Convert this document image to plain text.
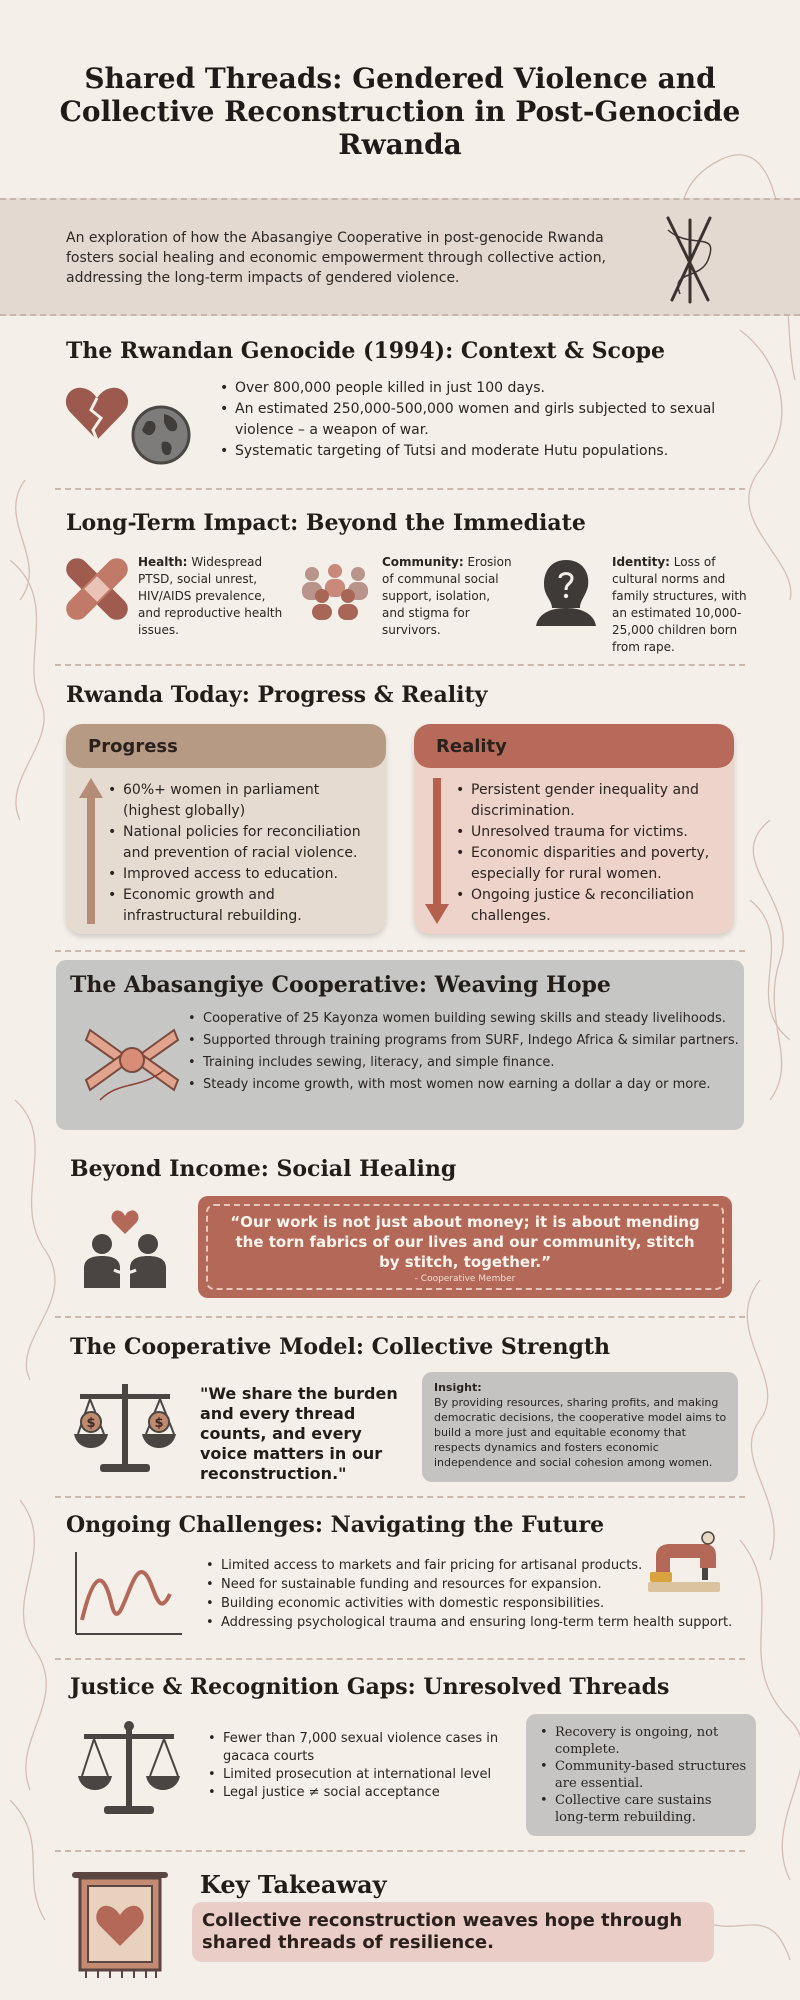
Shared Threads: Gendered Violence and Collective Reconstruction in Post-Genocide Rwanda

An exploration of how the Abasangiye Cooperative in post-genocide Rwanda fosters social healing and economic empowerment through collective action, addressing the long-term impacts of gendered violence.

The Rwandan Genocide (1994): Context & Scope
• Over 800,000 people killed in just 100 days.
• An estimated 250,000-500,000 women and girls subjected to sexual violence – a weapon of war.
• Systematic targeting of Tutsi and moderate Hutu populations.
Long-Term Impact: Beyond the Immediate

Health: Widespread PTSD, social unrest, HIV/AIDS prevalence, and reproductive health issues.

Community: Erosion of communal social support, isolation, and stigma for survivors.

Identity: Loss of cultural norms and family structures, with an estimated 10,000-25,000 children born from rape.

Rwanda Today: Progress & Reality
Progress
• 60%+ women in parliament (highest globally)
• National policies for reconciliation and prevention of racial violence.
• Improved access to education.
• Economic growth and infrastructural rebuilding.
Reality
• Persistent gender inequality and discrimination.
• Unresolved trauma for victims.
• Economic disparities and poverty, especially for rural women.
• Ongoing justice & reconciliation challenges.
The Abasangiye Cooperative: Weaving Hope
• Cooperative of 25 Kayonza women building sewing skills and steady livelihoods.
• Supported through training programs from SURF, Indego Africa & similar partners.
• Training includes sewing, literacy, and simple finance.
• Steady income growth, with most women now earning a dollar a day or more.
Beyond Income: Social Healing

“Our work is not just about money; it is about mending the torn fabrics of our lives and our community, stitch by stitch, together.”

- Cooperative Member

The Cooperative Model: Collective Strength
$	$

"We share the burden and every thread counts, and every voice matters in our reconstruction."

Insight:
By providing resources, sharing profits, and making democratic decisions, the cooperative model aims to build a more just and equitable economy that respects dynamics and fosters economic independence and social cohesion among women.

Ongoing Challenges: Navigating the Future
• Limited access to markets and fair pricing for artisanal products.
• Need for sustainable funding and resources for expansion.
• Building economic activities with domestic responsibilities.
• Addressing psychological trauma and ensuring long-term term health support.
Justice & Recognition Gaps: Unresolved Threads
• Fewer than 7,000 sexual violence cases in gacaca courts
• Limited prosecution at international level
• Legal justice ≠ social acceptance
• Recovery is ongoing, not complete.
• Community-based structures are essential.
• Collective care sustains long-term rebuilding.
Key Takeaway

Collective reconstruction weaves hope through shared threads of resilience.
